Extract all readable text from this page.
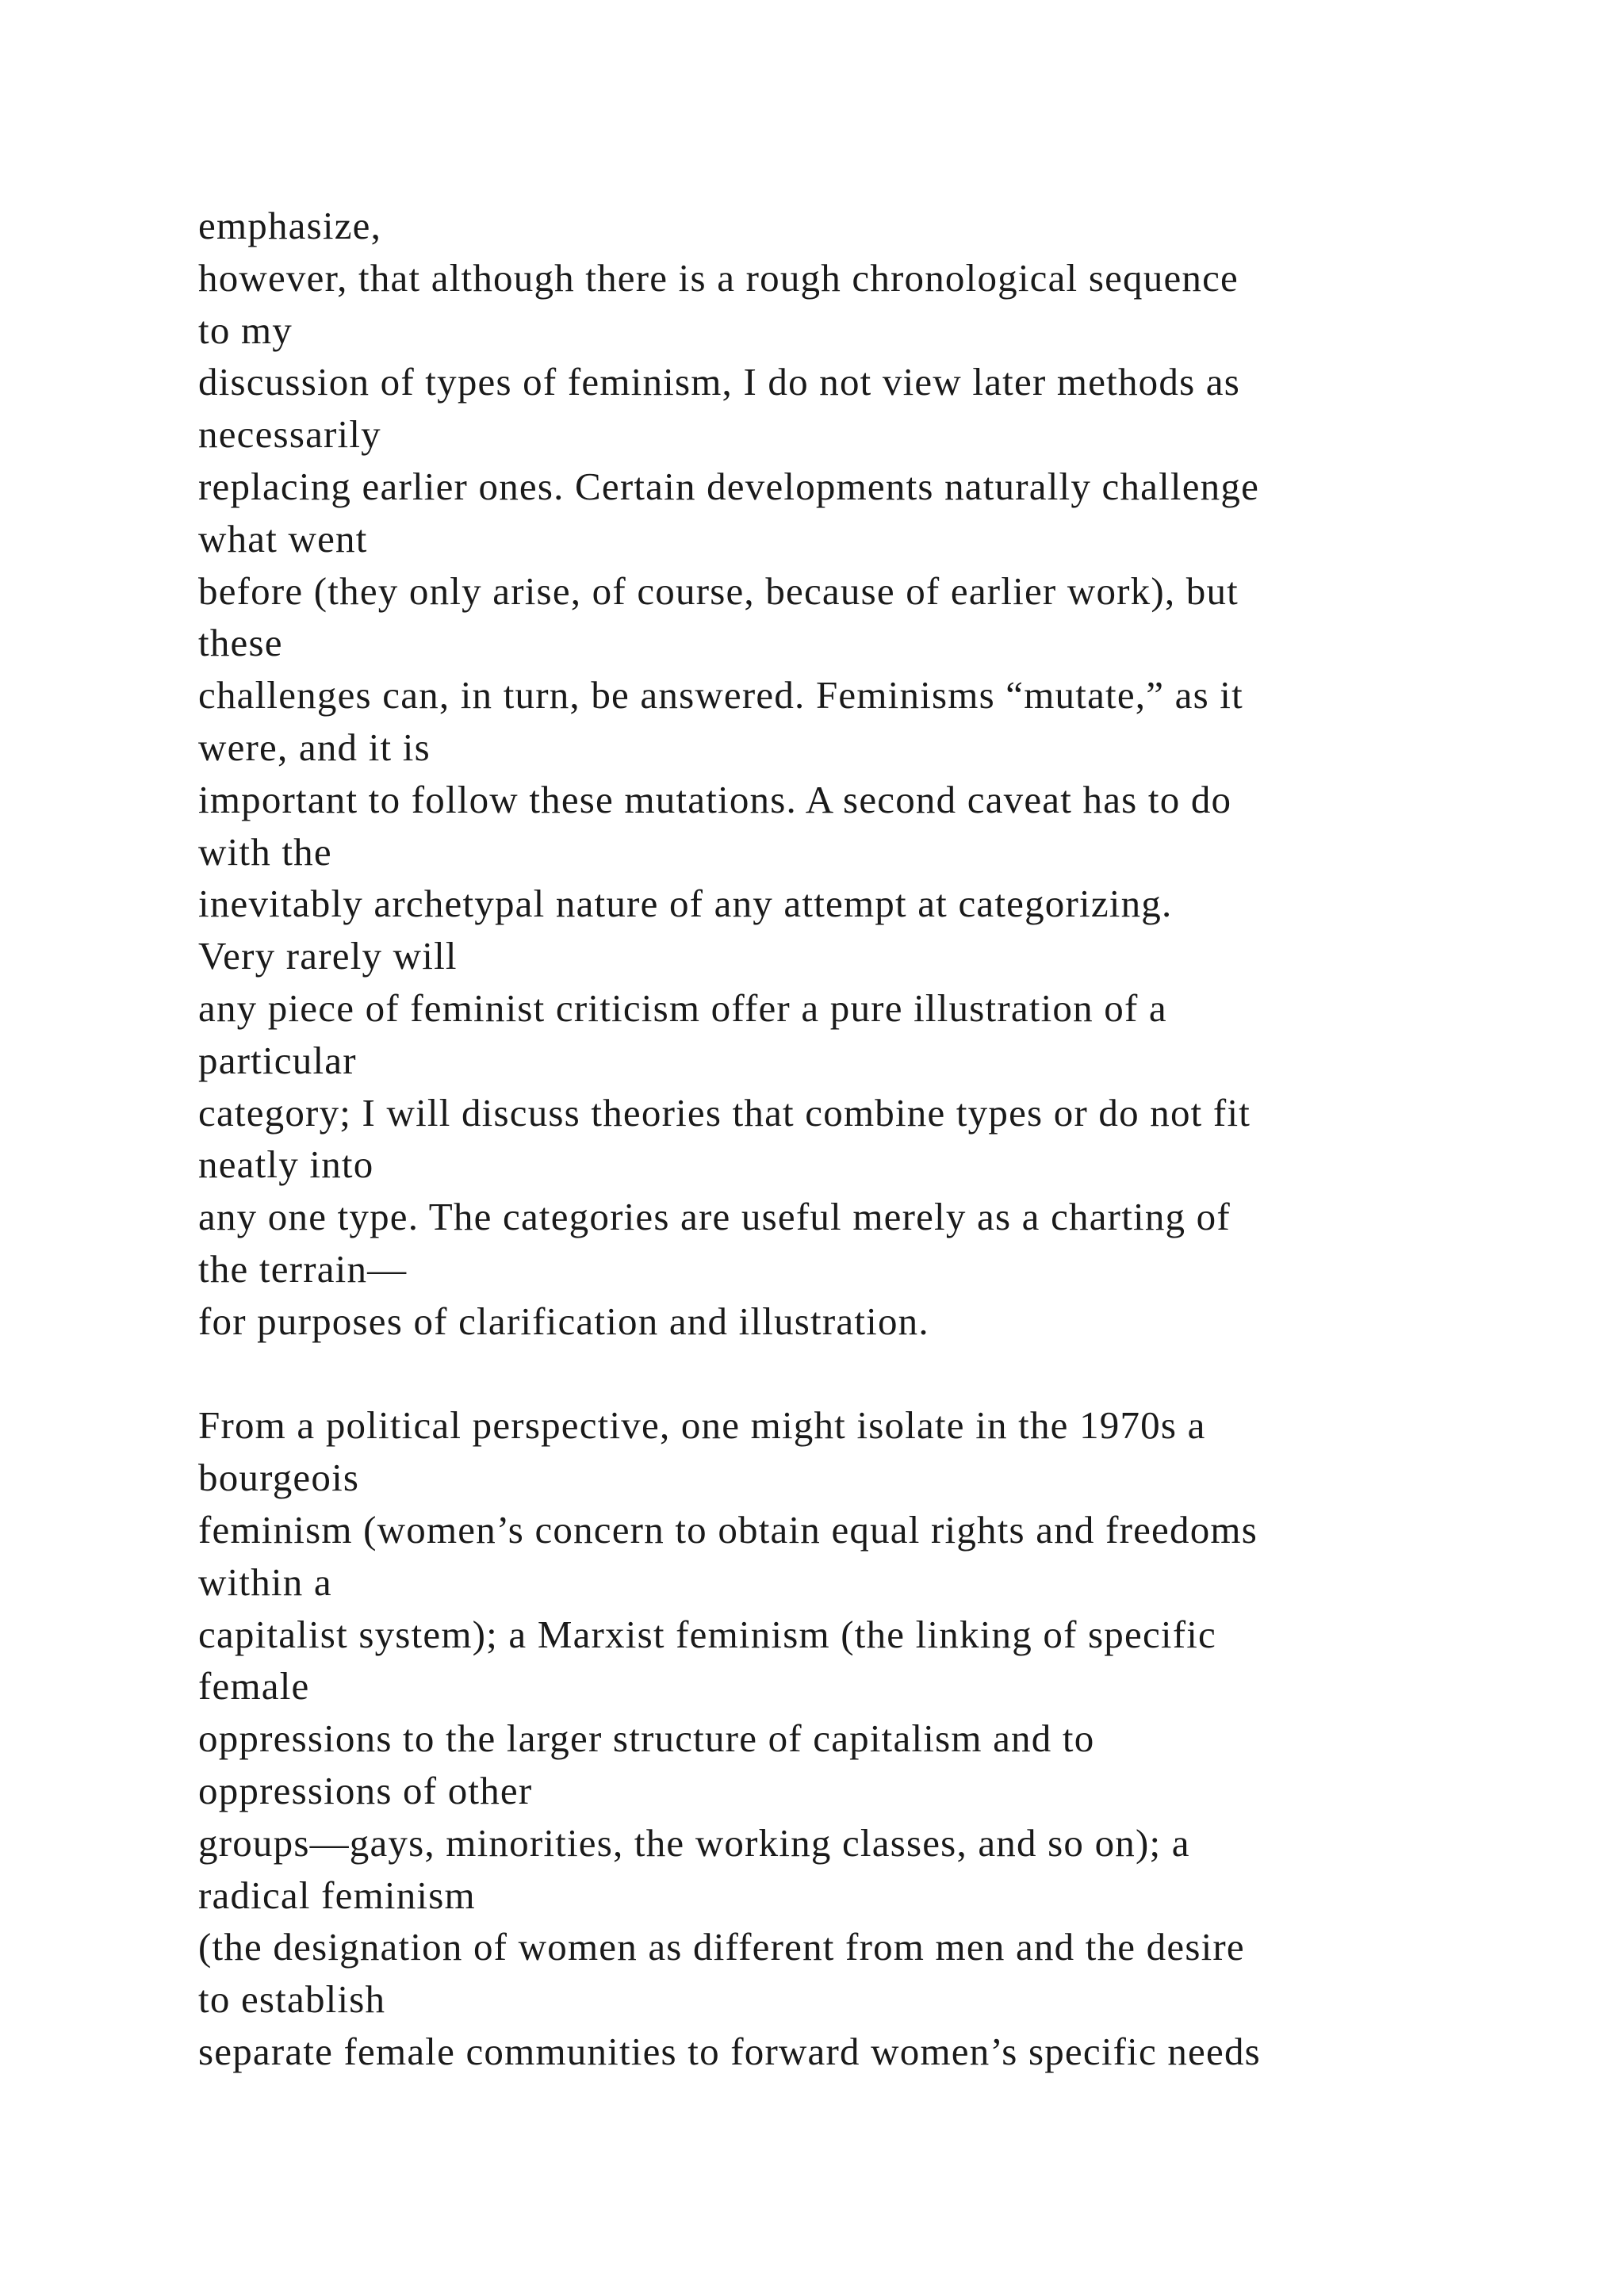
emphasize,
however, that although there is a rough chronological sequence
to my
discussion of types of feminism, I do not view later methods as
necessarily
replacing earlier ones. Certain developments naturally challenge
what went
before (they only arise, of course, because of earlier work), but
these
challenges can, in turn, be answered. Feminisms “mutate,” as it
were, and it is
important to follow these mutations. A second caveat has to do
with the
inevitably archetypal nature of any attempt at categorizing.
Very rarely will
any piece of feminist criticism offer a pure illustration of a
particular
category; I will discuss theories that combine types or do not fit
neatly into
any one type. The categories are useful merely as a charting of
the terrain—
for purposes of clarification and illustration.
From a political perspective, one might isolate in the 1970s a
bourgeois
feminism (women’s concern to obtain equal rights and freedoms
within a
capitalist system); a Marxist feminism (the linking of specific
female
oppressions to the larger structure of capitalism and to
oppressions of other
groups—gays, minorities, the working classes, and so on); a
radical feminism
(the designation of women as different from men and the desire
to establish
separate female communities to forward women’s specific needs
